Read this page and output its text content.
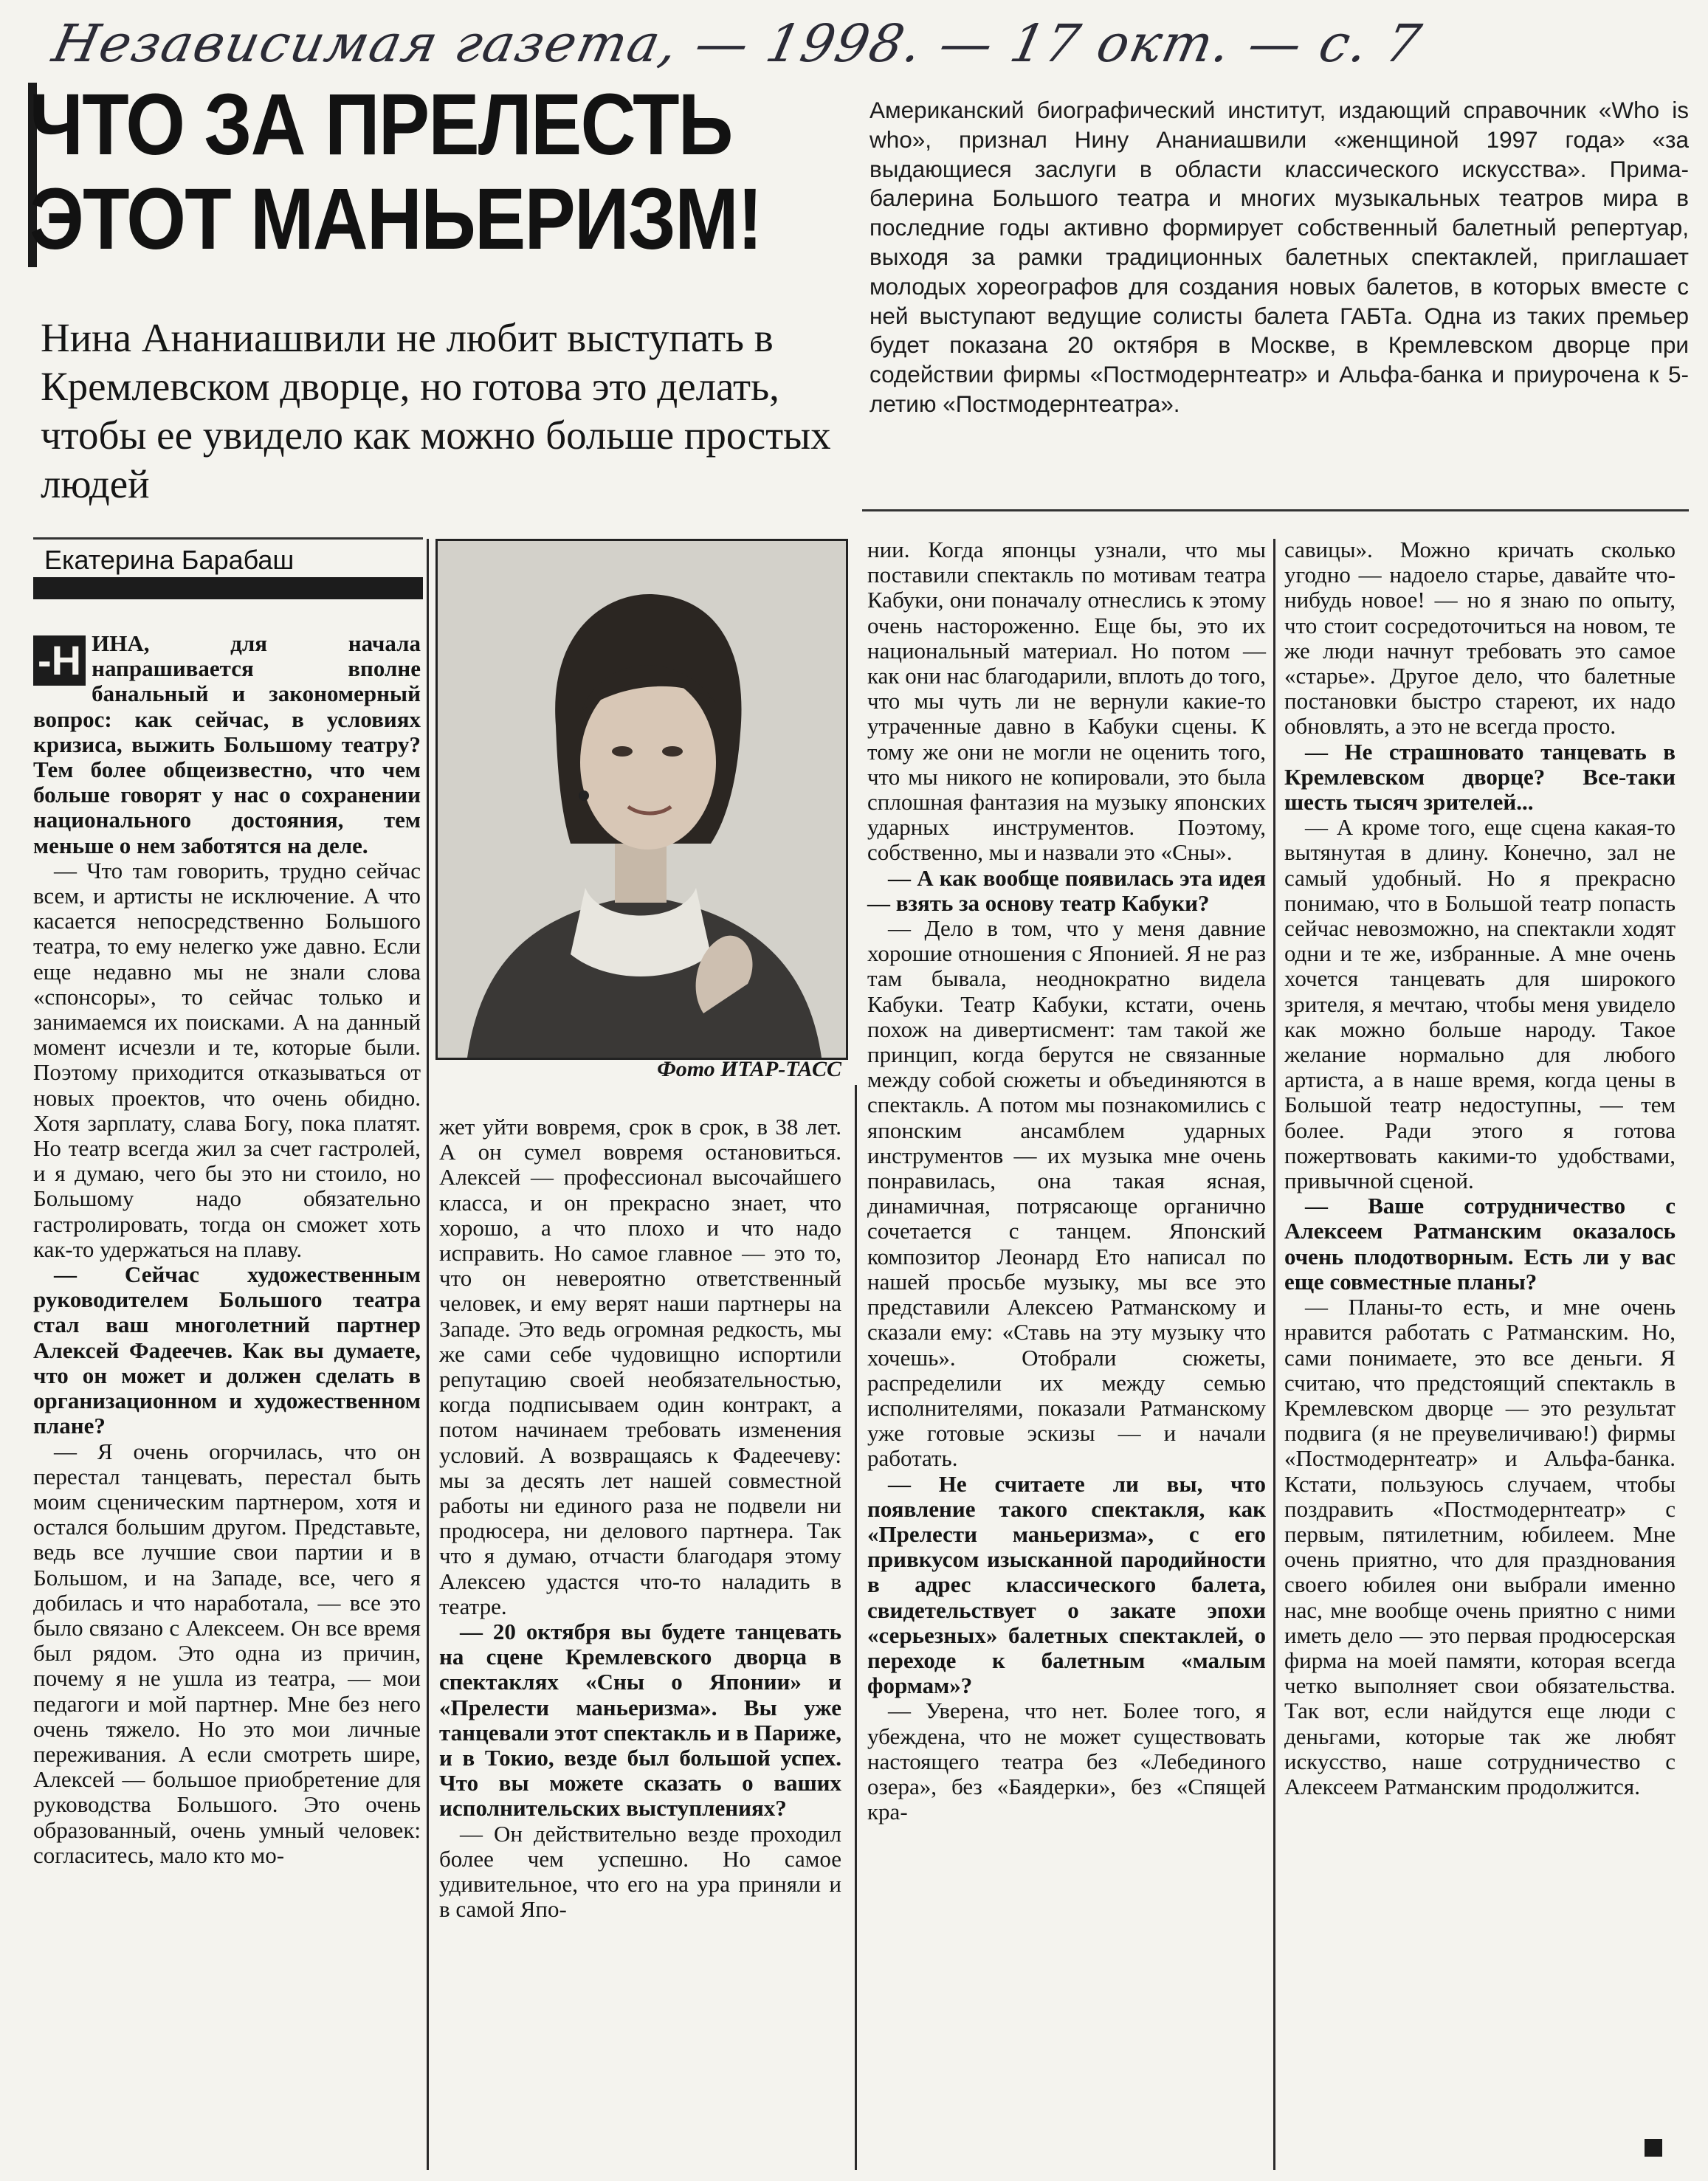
Независимая газета, — 1998. — 17 окт. — с. 7
ЧТО ЗА ПРЕЛЕСТЬ
ЭТОТ МАНЬЕРИЗМ!
Нина Ананиашвили не любит выступать в Кремлевском дворце, но готова это делать, чтобы ее увидело как можно больше простых людей
Американский биографический институт, издающий справочник «Who is who», признал Нину Ананиашвили «женщиной 1997 года» «за выдающиеся заслуги в области классического искусства». Прима-балерина Большого театра и многих музыкальных театров мира в последние годы активно формирует собственный балетный репертуар, выходя за рамки традиционных балетных спектаклей, приглашает молодых хореографов для создания новых балетов, в которых вместе с ней выступают ведущие солисты балета ГАБТа. Одна из таких премьер будет показана 20 октября в Москве, в Кремлевском дворце при содействии фирмы «Постмодернтеатр» и Альфа-банка и приурочена к 5-летию «Постмодернтеатра».
Екатерина Барабаш
Фото ИТАР-ТАСС

-Н ИНА, для начала напрашивается вполне банальный и закономерный вопрос: как сейчас, в условиях кризиса, выжить Большому театру? Тем более общеизвестно, что чем больше говорят у нас о сохранении национального достояния, тем меньше о нем заботятся на деле.

— Что там говорить, трудно сейчас всем, и артисты не исключение. А что касается непосредственно Большого театра, то ему нелегко уже давно. Если еще недавно мы не знали слова «спонсоры», то сейчас только и занимаемся их поисками. А на данный момент исчезли и те, которые были. Поэтому приходится отказываться от новых проектов, что очень обидно. Хотя зарплату, слава Богу, пока платят. Но театр всегда жил за счет гастролей, и я думаю, чего бы это ни стоило, но Большому надо обязательно гастролировать, тогда он сможет хоть как-то удержаться на плаву.

— Сейчас художественным руководителем Большого театра стал ваш многолетний партнер Алексей Фадеечев. Как вы думаете, что он может и должен сделать в организационном и художественном плане?

— Я очень огорчилась, что он перестал танцевать, перестал быть моим сценическим партнером, хотя и остался большим другом. Представьте, ведь все лучшие свои партии и в Большом, и на Западе, все, чего я добилась и что наработала, — все это было связано с Алексеем. Он все время был рядом. Это одна из причин, почему я не ушла из театра, — мои педагоги и мой партнер. Мне без него очень тяжело. Но это мои личные переживания. А если смотреть шире, Алексей — большое приобретение для руководства Большого. Это очень образованный, очень умный человек: согласитесь, мало кто мо-

жет уйти вовремя, срок в срок, в 38 лет. А он сумел вовремя остановиться. Алексей — профессионал высочайшего класса, и он прекрасно знает, что хорошо, а что плохо и что надо исправить. Но самое главное — это то, что он невероятно ответственный человек, и ему верят наши партнеры на Западе. Это ведь огромная редкость, мы же сами себе чудовищно испортили репутацию своей необязательностью, когда подписываем один контракт, а потом начинаем требовать изменения условий. А возвращаясь к Фадеечеву: мы за десять лет нашей совместной работы ни единого раза не подвели ни продюсера, ни делового партнера. Так что я думаю, отчасти благодаря этому Алексею удастся что-то наладить в театре.

— 20 октября вы будете танцевать на сцене Кремлевского дворца в спектаклях «Сны о Японии» и «Прелести маньеризма». Вы уже танцевали этот спектакль и в Париже, и в Токио, везде был большой успех. Что вы можете сказать о ваших исполнительских выступлениях?

— Он действительно везде проходил более чем успешно. Но самое удивительное, что его на ура приняли и в самой Япо-

нии. Когда японцы узнали, что мы поставили спектакль по мотивам театра Кабуки, они поначалу отнеслись к этому очень настороженно. Еще бы, это их национальный материал. Но потом — как они нас благодарили, вплоть до того, что мы чуть ли не вернули какие-то утраченные давно в Кабуки сцены. К тому же они не могли не оценить того, что мы никого не копировали, это была сплошная фантазия на музыку японских ударных инструментов. Поэтому, собственно, мы и назвали это «Сны».

— А как вообще появилась эта идея — взять за основу театр Кабуки?

— Дело в том, что у меня давние хорошие отношения с Японией. Я не раз там бывала, неоднократно видела Кабуки. Театр Кабуки, кстати, очень похож на дивертисмент: там такой же принцип, когда берутся не связанные между собой сюжеты и объединяются в спектакль. А потом мы познакомились с японским ансамблем ударных инструментов — их музыка мне очень понравилась, она такая ясная, динамичная, потрясающе органично сочетается с танцем. Японский композитор Леонард Ето написал по нашей просьбе музыку, мы все это представили Алексею Ратманскому и сказали ему: «Ставь на эту музыку что хочешь». Отобрали сюжеты, распределили их между семью исполнителями, показали Ратманскому уже готовые эскизы — и начали работать.

— Не считаете ли вы, что появление такого спектакля, как «Прелести маньеризма», с его привкусом изысканной пародийности в адрес классического балета, свидетельствует о закате эпохи «серьезных» балетных спектаклей, о переходе к балетным «малым формам»?

— Уверена, что нет. Более того, я убеждена, что не может существовать настоящего театра без «Лебединого озера», без «Баядерки», без «Спящей кра-

савицы». Можно кричать сколько угодно — надоело старье, давайте что-нибудь новое! — но я знаю по опыту, что стоит сосредоточиться на новом, те же люди начнут требовать это самое «старье». Другое дело, что балетные постановки быстро стареют, их надо обновлять, а это не всегда просто.

— Не страшновато танцевать в Кремлевском дворце? Все-таки шесть тысяч зрителей...

— А кроме того, еще сцена какая-то вытянутая в длину. Конечно, зал не самый удобный. Но я прекрасно понимаю, что в Большой театр попасть сейчас невозможно, на спектакли ходят одни и те же, избранные. А мне очень хочется танцевать для широкого зрителя, я мечтаю, чтобы меня увидело как можно больше народу. Такое желание нормально для любого артиста, а в наше время, когда цены в Большой театр недоступны, — тем более. Ради этого я готова пожертвовать какими-то удобствами, привычной сценой.

— Ваше сотрудничество с Алексеем Ратманским оказалось очень плодотворным. Есть ли у вас еще совместные планы?

— Планы-то есть, и мне очень нравится работать с Ратманским. Но, сами понимаете, это все деньги. Я считаю, что предстоящий спектакль в Кремлевском дворце — это результат подвига (я не преувеличиваю!) фирмы «Постмодернтеатр» и Альфа-банка. Кстати, пользуюсь случаем, чтобы поздравить «Постмодернтеатр» с первым, пятилетним, юбилеем. Мне очень приятно, что для празднования своего юбилея они выбрали именно нас, мне вообще очень приятно с ними иметь дело — это первая продюсерская фирма на моей памяти, которая всегда четко выполняет свои обязательства. Так вот, если найдутся еще люди с деньгами, которые так же любят искусство, наше сотрудничество с Алексеем Ратманским продолжится.
